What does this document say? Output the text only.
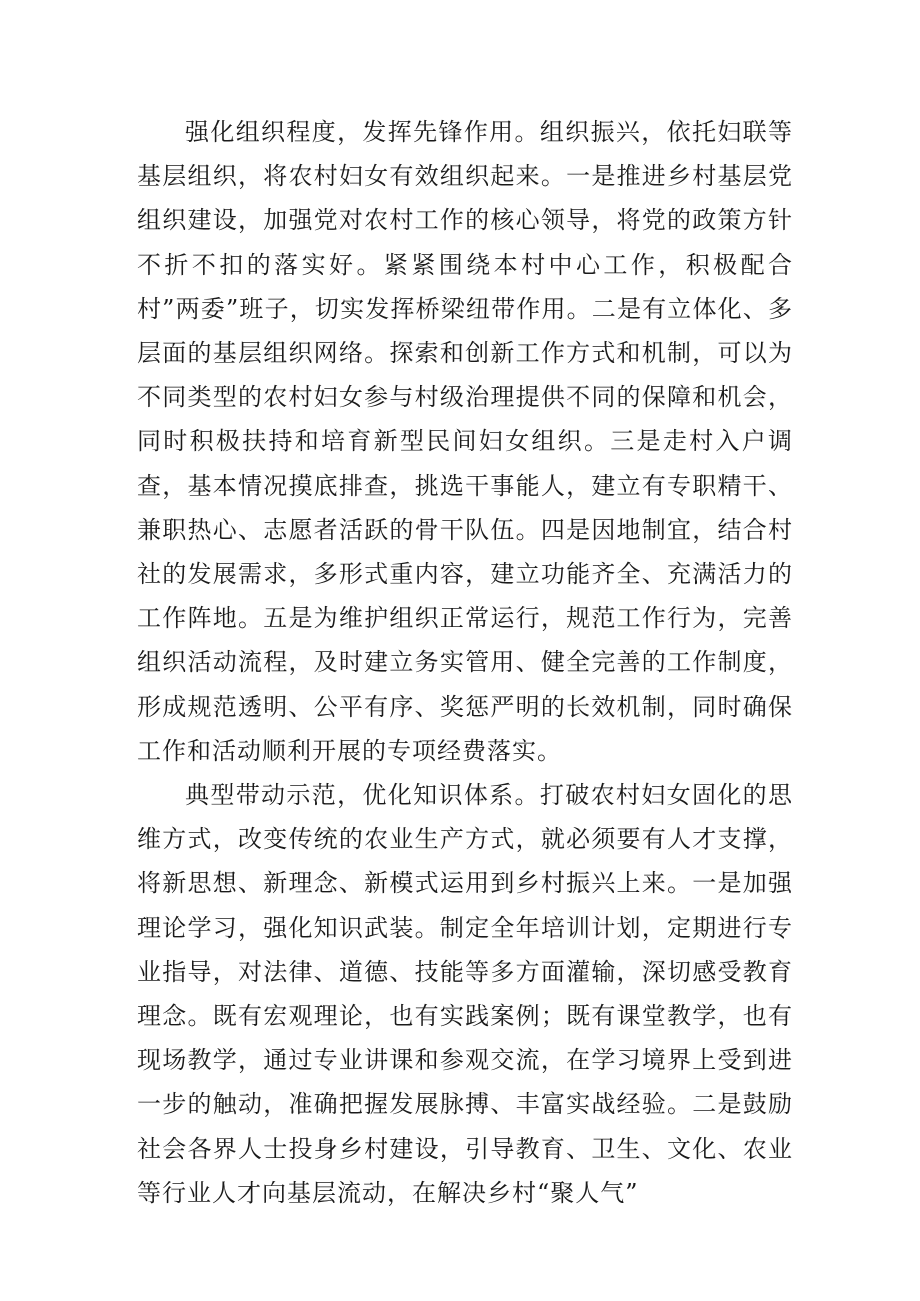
强化组织程度，发挥先锋作用。组织振兴，依托妇联等基层组织，将农村妇女有效组织起来。一是推进乡村基层党组织建设，加强党对农村工作的核心领导，将党的政策方针不折不扣的落实好。紧紧围绕本村中心工作，积极配合村”两委”班子，切实发挥桥梁纽带作用。二是有立体化、多层面的基层组织网络。探索和创新工作方式和机制，可以为不同类型的农村妇女参与村级治理提供不同的保障和机会，同时积极扶持和培育新型民间妇女组织。三是走村入户调查，基本情况摸底排查，挑选干事能人，建立有专职精干、兼职热心、志愿者活跃的骨干队伍。四是因地制宜，结合村社的发展需求，多形式重内容，建立功能齐全、充满活力的工作阵地。五是为维护组织正常运行，规范工作行为，完善组织活动流程，及时建立务实管用、健全完善的工作制度，形成规范透明、公平有序、奖惩严明的长效机制，同时确保工作和活动顺利开展的专项经费落实。

典型带动示范，优化知识体系。打破农村妇女固化的思维方式，改变传统的农业生产方式，就必须要有人才支撑，将新思想、新理念、新模式运用到乡村振兴上来。一是加强理论学习，强化知识武装。制定全年培训计划，定期进行专业指导，对法律、道德、技能等多方面灌输，深切感受教育理念。既有宏观理论，也有实践案例；既有课堂教学，也有现场教学，通过专业讲课和参观交流，在学习境界上受到进一步的触动，准确把握发展脉搏、丰富实战经验。二是鼓励社会各界人士投身乡村建设，引导教育、卫生、文化、农业等行业人才向基层流动，在解决乡村“聚人气”
